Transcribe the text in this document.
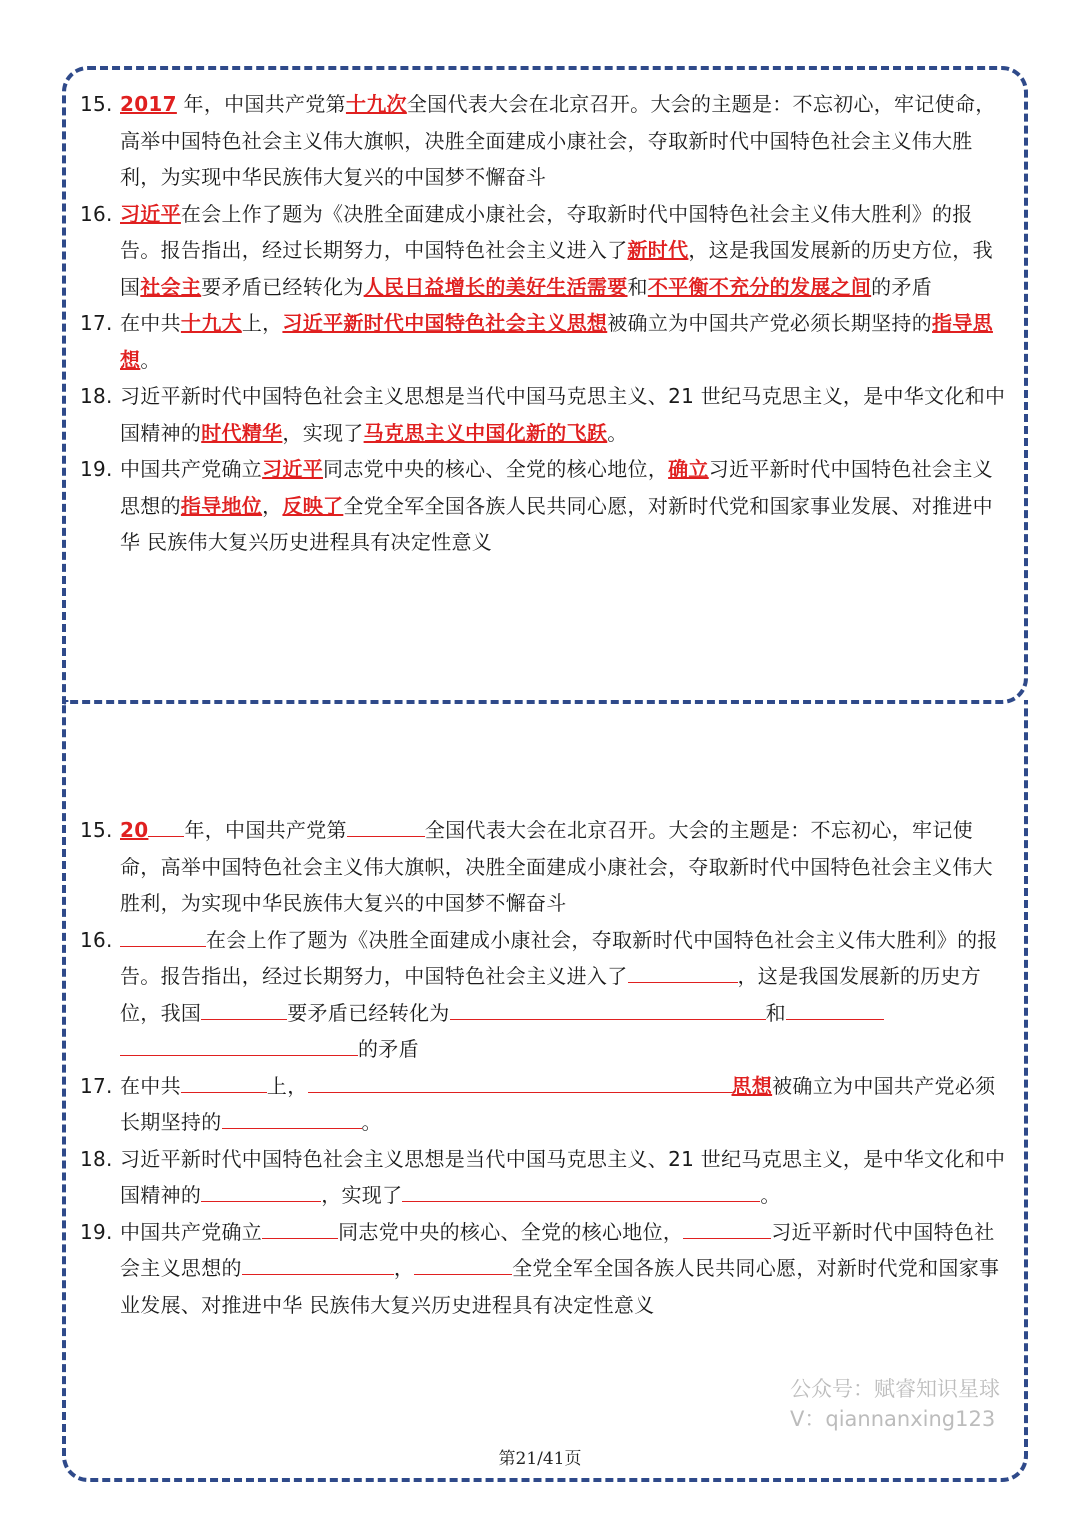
15. 2017 年，中国共产党第十九次全国代表大会在北京召开。大会的主题是：不忘初心，牢记使命，高举中国特色社会主义伟大旗帜，决胜全面建成小康社会，夺取新时代中国特色社会主义伟大胜利，为实现中华民族伟大复兴的中国梦不懈奋斗
16. 习近平在会上作了题为《决胜全面建成小康社会，夺取新时代中国特色社会主义伟大胜利》的报告。报告指出，经过长期努力，中国特色社会主义进入了新时代，这是我国发展新的历史方位，我国社会主要矛盾已经转化为人民日益增长的美好生活需要和不平衡不充分的发展之间的矛盾
17. 在中共十九大上，习近平新时代中国特色社会主义思想被确立为中国共产党必须长期坚持的指导思想。
18. 习近平新时代中国特色社会主义思想是当代中国马克思主义、21 世纪马克思主义，是中华文化和中国精神的时代精华，实现了马克思主义中国化新的飞跃。
19. 中国共产党确立习近平同志党中央的核心、全党的核心地位，确立习近平新时代中国特色社会主义思想的指导地位，反映了全党全军全国各族人民共同心愿，对新时代党和国家事业发展、对推进中华 民族伟大复兴历史进程具有决定性意义
15. 20 年，中国共产党第	全国代表大会在北京召开。大会的主题是：不忘初心，牢记使命，高举中国特色社会主义伟大旗帜，决胜全面建成小康社会，夺取新时代中国特色社会主义伟大胜利，为实现中华民族伟大复兴的中国梦不懈奋斗
16.	在会上作了题为《决胜全面建成小康社会，夺取新时代中国特色社会主义伟大胜利》的报告。报告指出，经过长期努力，中国特色社会主义进入了	，这是我国发展新的历史方位，我国	要矛盾已经转化为	和的矛盾
17. 在中共	上，	思想被确立为中国共产党必须长期坚持的	。
18. 习近平新时代中国特色社会主义思想是当代中国马克思主义、21 世纪马克思主义，是中华文化和中国精神的	，实现了	。
19. 中国共产党确立	同志党中央的核心、全党的核心地位，	习近平新时代中国特色社会主义思想的	，	全党全军全国各族人民共同心愿，对新时代党和国家事业发展、对推进中华 民族伟大复兴历史进程具有决定性意义
公众号：赋睿知识星球
V：qiannanxing123
第21/41页
